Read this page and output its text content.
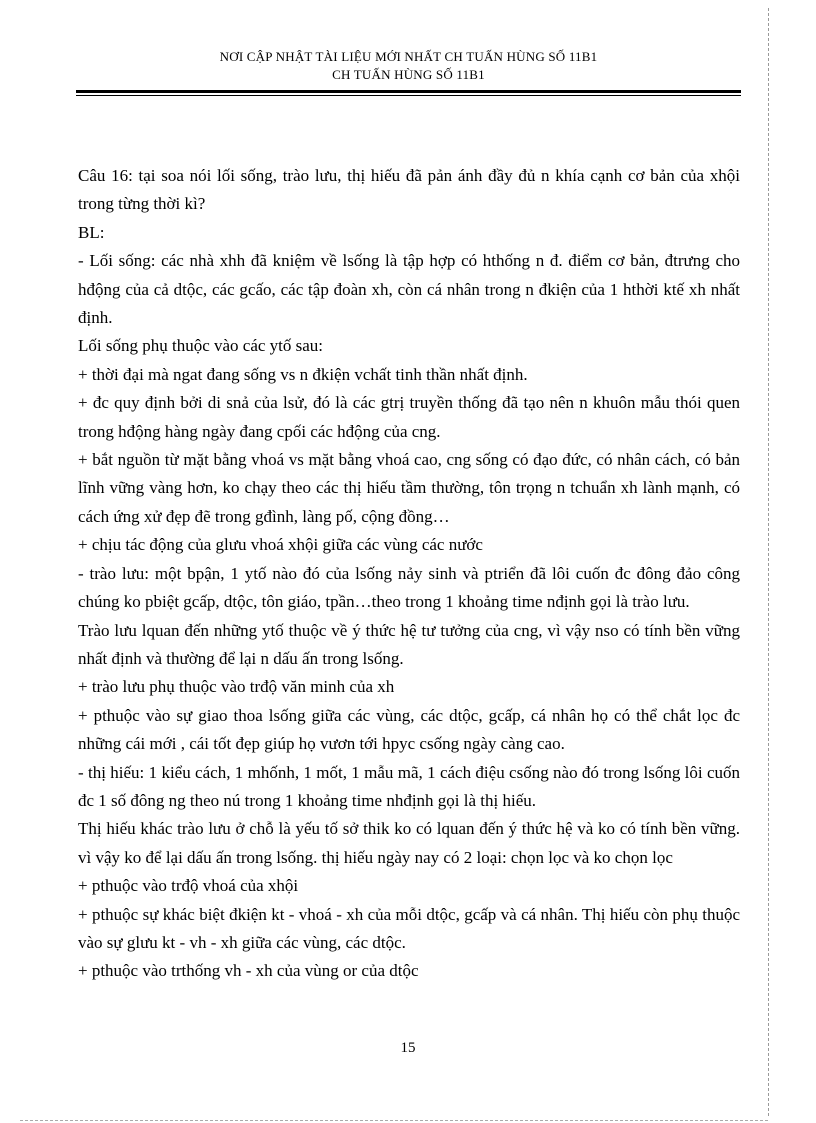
NƠI CẬP NHẬT TÀI LIỆU MỚI NHẤT CH TUẤN HÙNG SỐ 11B1
CH TUẤN HÙNG SỐ 11B1

Câu 16: tại soa nói lối sống, trào lưu, thị hiếu đã pản ánh đầy đủ n khía cạnh cơ bản của xhội trong từng thời kì?

BL:

- Lối sống: các nhà xhh đã kniệm về lsống là tập hợp có hthống n đ. điểm cơ bản, đtrưng cho hđộng của cả dtộc, các gcấo, các tập đoàn xh, còn cá nhân trong n đkiện của 1 hthời ktế xh nhất định.

Lối sống phụ thuộc vào các ytố sau:

+ thời đại mà ngat đang sống vs n đkiện vchất tinh thần nhất định.

+ đc quy định bởi di snả của lsử, đó là các gtrị truyền thống đã tạo nên n khuôn mẫu thói quen trong hđộng hàng ngày đang cpối các hđộng của cng.

+ bắt nguồn từ mặt bằng vhoá vs mặt bằng vhoá cao, cng sống có đạo đức, có nhân cách, có bản lĩnh vững vàng hơn, ko chạy theo các thị hiếu tầm thường, tôn trọng n tchuẩn xh lành mạnh, có cách ứng xử đẹp đẽ trong gđình, làng pố, cộng đồng…

+ chịu tác động của glưu vhoá xhội giữa các vùng các nước

- trào lưu: một bpận, 1 ytố nào đó của lsống nảy sinh và ptriển đã lôi cuốn đc đông đảo công chúng ko pbiệt gcấp, dtộc, tôn giáo, tpần…theo trong 1 khoảng time nđịnh gọi là trào lưu.

Trào lưu lquan đến những ytố thuộc về ý thức hệ tư tưởng của cng, vì vậy nso có tính bền vững nhất định và thường để lại n dấu ấn trong lsống.

+ trào lưu phụ thuộc vào trđộ văn minh của xh

+ pthuộc vào sự giao thoa lsống giữa các vùng, các dtộc, gcấp, cá nhân họ có thể chắt lọc đc những cái mới , cái tốt đẹp giúp họ vươn tới hpyc csống ngày càng cao.

- thị hiếu: 1 kiểu cách, 1 mhốnh, 1 mốt, 1 mẫu mã, 1 cách điệu csống nào đó trong lsống lôi cuốn đc 1 số đông ng theo nú trong 1 khoảng time nhđịnh gọi là thị hiếu.

Thị hiếu khác trào lưu ở chỗ là yếu tố sở thik ko có lquan đến ý thức hệ và ko có tính bền vững. vì vậy ko để lại dấu ấn trong lsống. thị hiếu ngày nay có 2 loại: chọn lọc và ko chọn lọc

+ pthuộc vào trđộ vhoá của xhội

+ pthuộc sự khác biệt đkiện kt - vhoá - xh của mỗi dtộc, gcấp và cá nhân. Thị hiếu còn phụ thuộc vào sự glưu kt - vh - xh giữa các vùng, các dtộc.

+ pthuộc vào trthống vh - xh của vùng or của dtộc

15
